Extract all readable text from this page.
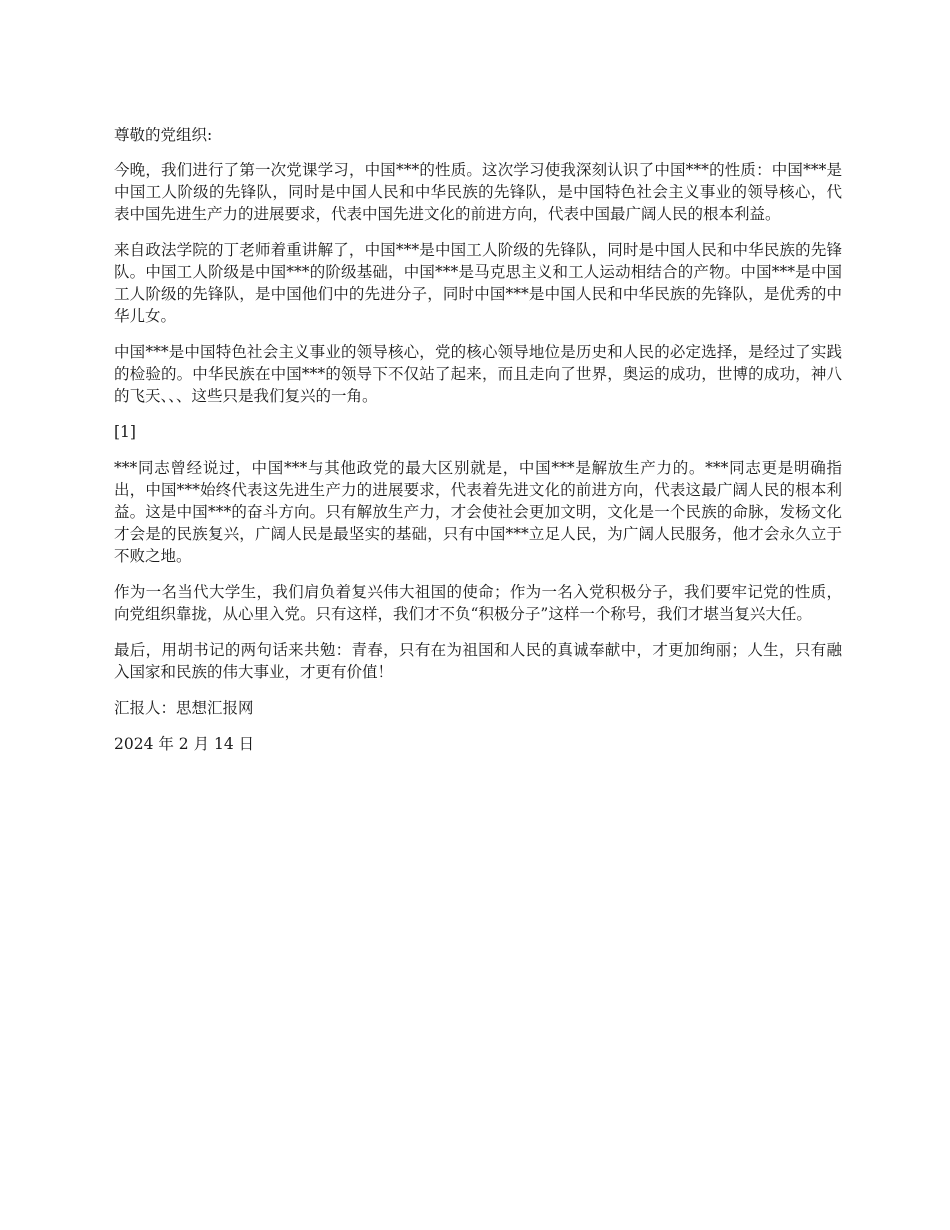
尊敬的党组织:

今晚，我们进行了第一次党课学习，中国***的性质。这次学习使我深刻认识了中国***的性质：中国***是中国工人阶级的先锋队，同时是中国人民和中华民族的先锋队，是中国特色社会主义事业的领导核心，代表中国先进生产力的进展要求，代表中国先进文化的前进方向，代表中国最广阔人民的根本利益。

来自政法学院的丁老师着重讲解了，中国***是中国工人阶级的先锋队，同时是中国人民和中华民族的先锋队。中国工人阶级是中国***的阶级基础，中国***是马克思主义和工人运动相结合的产物。中国***是中国工人阶级的先锋队，是中国他们中的先进分子，同时中国***是中国人民和中华民族的先锋队，是优秀的中华儿女。

中国***是中国特色社会主义事业的领导核心，党的核心领导地位是历史和人民的必定选择，是经过了实践的检验的。中华民族在中国***的领导下不仅站了起来，而且走向了世界，奥运的成功，世博的成功，神八的飞天、、、这些只是我们复兴的一角。

[1]

***同志曾经说过，中国***与其他政党的最大区别就是，中国***是解放生产力的。***同志更是明确指出，中国***始终代表这先进生产力的进展要求，代表着先进文化的前进方向，代表这最广阔人民的根本利益。这是中国***的奋斗方向。只有解放生产力，才会使社会更加文明，文化是一个民族的命脉，发杨文化才会是的民族复兴，广阔人民是最坚实的基础，只有中国***立足人民，为广阔人民服务，他才会永久立于不败之地。

作为一名当代大学生，我们肩负着复兴伟大祖国的使命；作为一名入党积极分子，我们要牢记党的性质，向党组织靠拢，从心里入党。只有这样，我们才不负“积极分子”这样一个称号，我们才堪当复兴大任。

最后，用胡书记的两句话来共勉：青春，只有在为祖国和人民的真诚奉献中，才更加绚丽；人生，只有融入国家和民族的伟大事业，才更有价值！

汇报人：思想汇报网

2024 年 2 月 14 日
